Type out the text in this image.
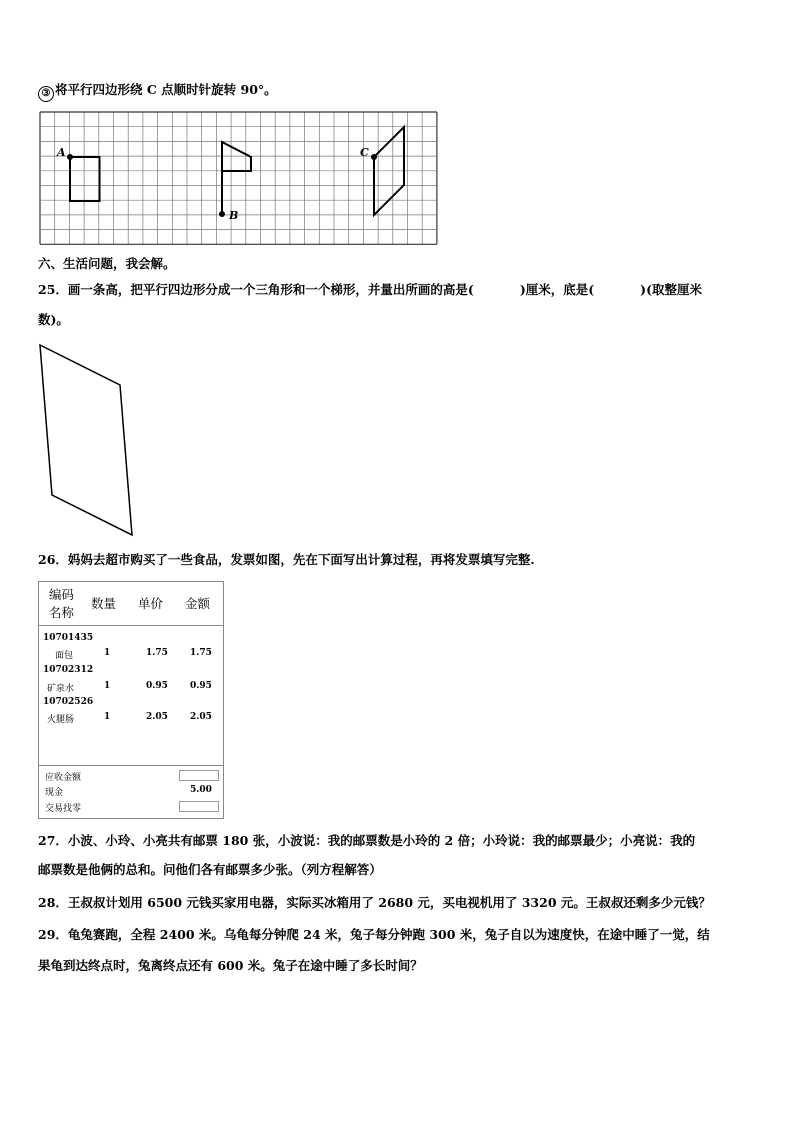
③ 将平行四边形绕 C 点顺时针旋转 90°。
A
B
C
六、生活问题，我会解。
25．画一条高，把平行四边形分成一个三角形和一个梯形，并量出所画的高是(	)厘米，底是(	)(取整厘米
数)。
26．妈妈去超市购买了一些食品，发票如图，先在下面写出计算过程，再将发票填写完整.
编码
名称
数量 单价 金额
10701435
面包	1	1.75 1.75
10702312
矿泉水	1	0.95 0.95
10702526
火腿肠	1	2.05 2.05
应收金额
现金	5.00
交易找零
27．小波、小玲、小亮共有邮票 180 张，小波说：我的邮票数是小玲的 2 倍；小玲说：我的邮票最少；小亮说：我的
邮票数是他俩的总和。问他们各有邮票多少张。（列方程解答）
28．王叔叔计划用 6500 元钱买家用电器，实际买冰箱用了 2680 元，买电视机用了 3320 元。王叔叔还剩多少元钱？
29．龟兔赛跑，全程 2400 米。乌龟每分钟爬 24 米，兔子每分钟跑 300 米，兔子自以为速度快，在途中睡了一觉，结
果龟到达终点时，兔离终点还有 600 米。兔子在途中睡了多长时间？
